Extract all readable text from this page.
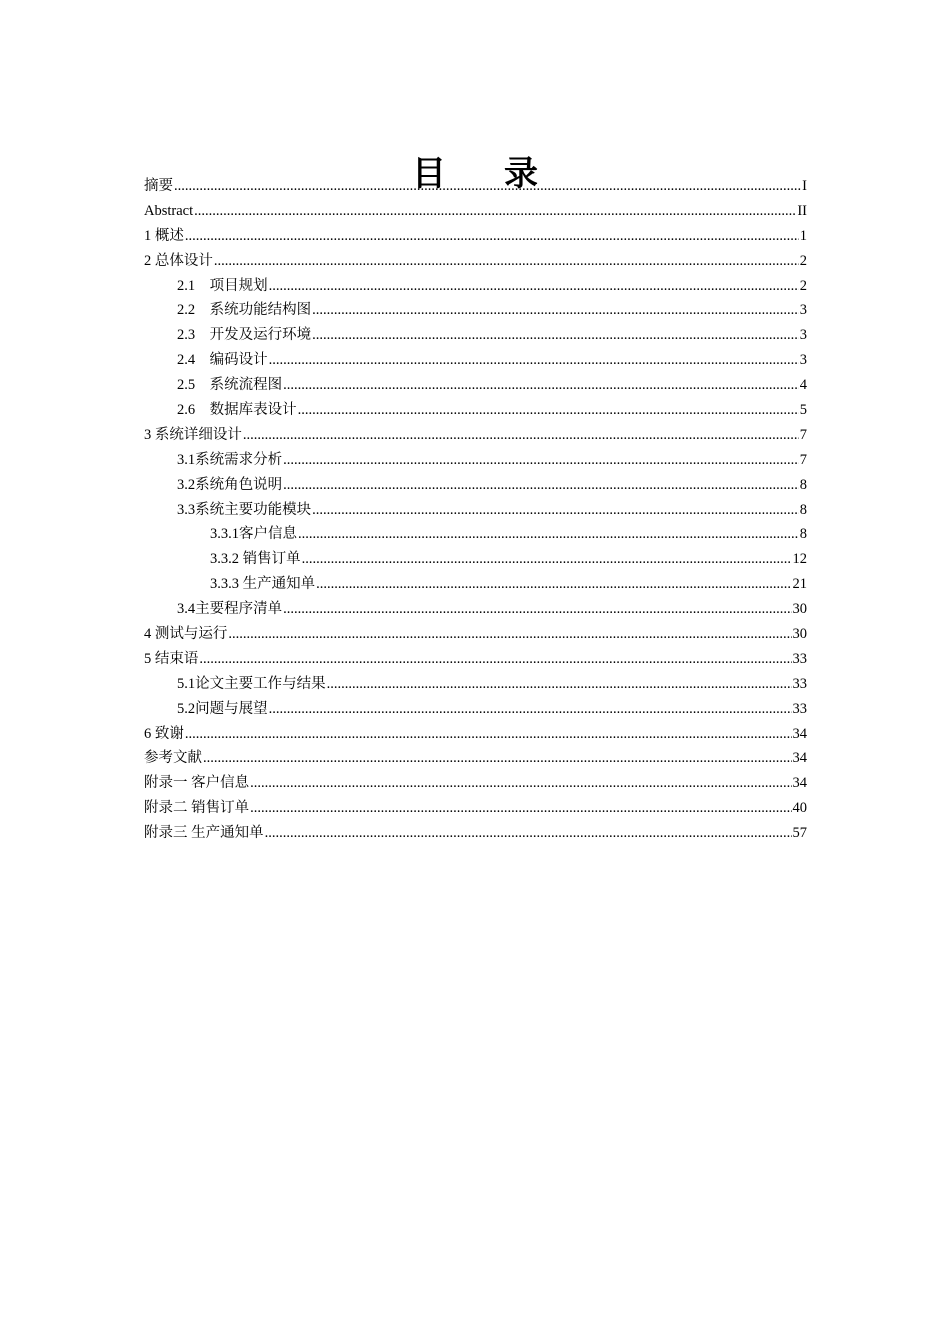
目 录
摘要 .....	I
Abstract .....	II
1 概述 .....	1
2 总体设计 .....	2
2.1　项目规划 .....	2
2.2　系统功能结构图 .....	3
2.3　开发及运行环境 .....	3
2.4　编码设计 .....	3
2.5　系统流程图 .....	4
2.6　数据库表设计 .....	5
3 系统详细设计 .....	7
3.1系统需求分析 .....	7
3.2系统角色说明 .....	8
3.3系统主要功能模块 .....	8
3.3.1客户信息 .....	8
3.3.2 销售订单 .....	12
3.3.3 生产通知单 .....	21
3.4主要程序清单 .....	30
4 测试与运行 .....	30
5 结束语 .....	33
5.1论文主要工作与结果 .....	33
5.2问题与展望 .....	33
6 致谢 .....	34
参考文献 .....	34
附录一 客户信息 .....	34
附录二 销售订单 .....	40
附录三 生产通知单 .....	57
